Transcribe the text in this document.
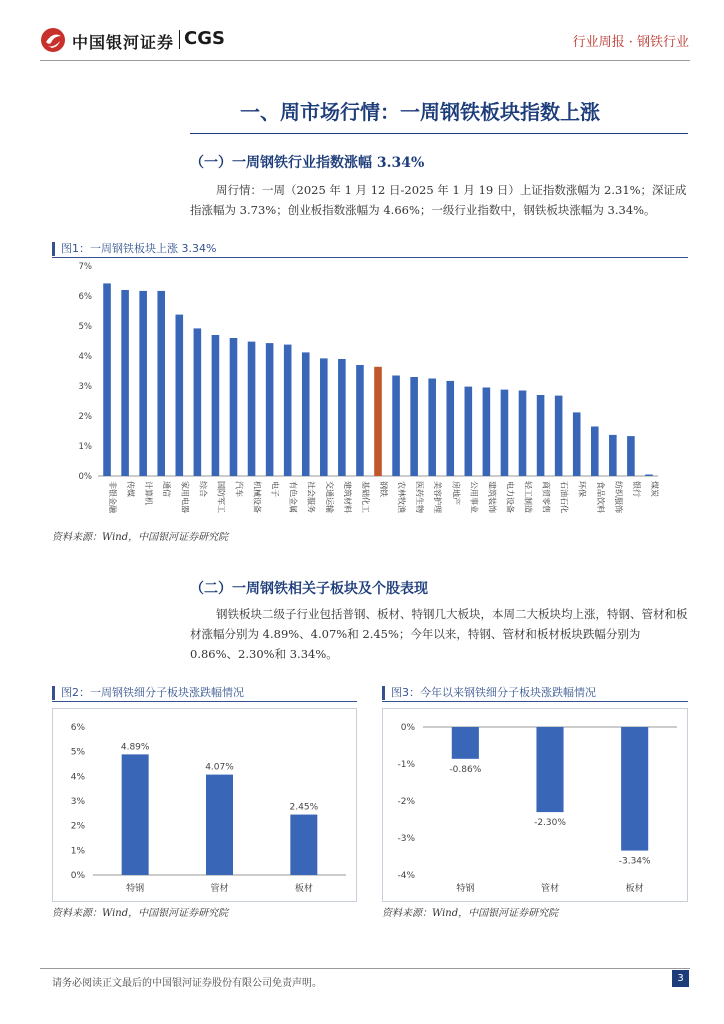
中国银河证券 CGS	行业周报 · 钢铁行业
一、周市场行情：一周钢铁板块指数上涨
（一）一周钢铁行业指数涨幅 3.34%
周行情：一周（2025 年 1 月 12 日-2025 年 1 月 19 日）上证指数涨幅为 2.31%；深证成指涨幅为 3.73%；创业板指数涨幅为 4.66%；一级行业指数中，钢铁板块涨幅为 3.34%。
图1：一周钢铁板块上涨 3.34%
0%
1%
2%
3%
4%
5%
6%
7%
非银金融 传媒 计算机 通信 家用电器 综合 国防军工 汽车 机械设备 电子 有色金属 社会服务 交通运输 建筑材料 基础化工 钢铁 农林牧渔 医药生物 美容护理 房地产 公用事业 建筑装饰 电力设备 轻工制造 商贸零售 石油石化 环保 食品饮料 纺织服饰 银行 煤炭
资料来源：Wind，中国银河证券研究院
（二）一周钢铁相关子板块及个股表现
钢铁板块二级子行业包括普钢、板材、特钢几大板块，本周二大板块均上涨，特钢、管材和板材涨幅分别为 4.89%、4.07%和 2.45%；今年以来，特钢、管材和板材板块跌幅分别为 0.86%、2.30%和 3.34%。
图2：一周钢铁细分子板块涨跌幅情况
0%
1%
2%
3%
4%
5%
6%
4.89%
特钢
4.07%
管材
2.45%
板材
资料来源：Wind，中国银河证券研究院
图3：今年以来钢铁细分子板块涨跌幅情况
0%
-1%
-2%
-3%
-4%
-0.86%
特钢
-2.30%
管材
-3.34%
板材
资料来源：Wind，中国银河证券研究院
请务必阅读正文最后的中国银河证券股份有限公司免责声明。	3
